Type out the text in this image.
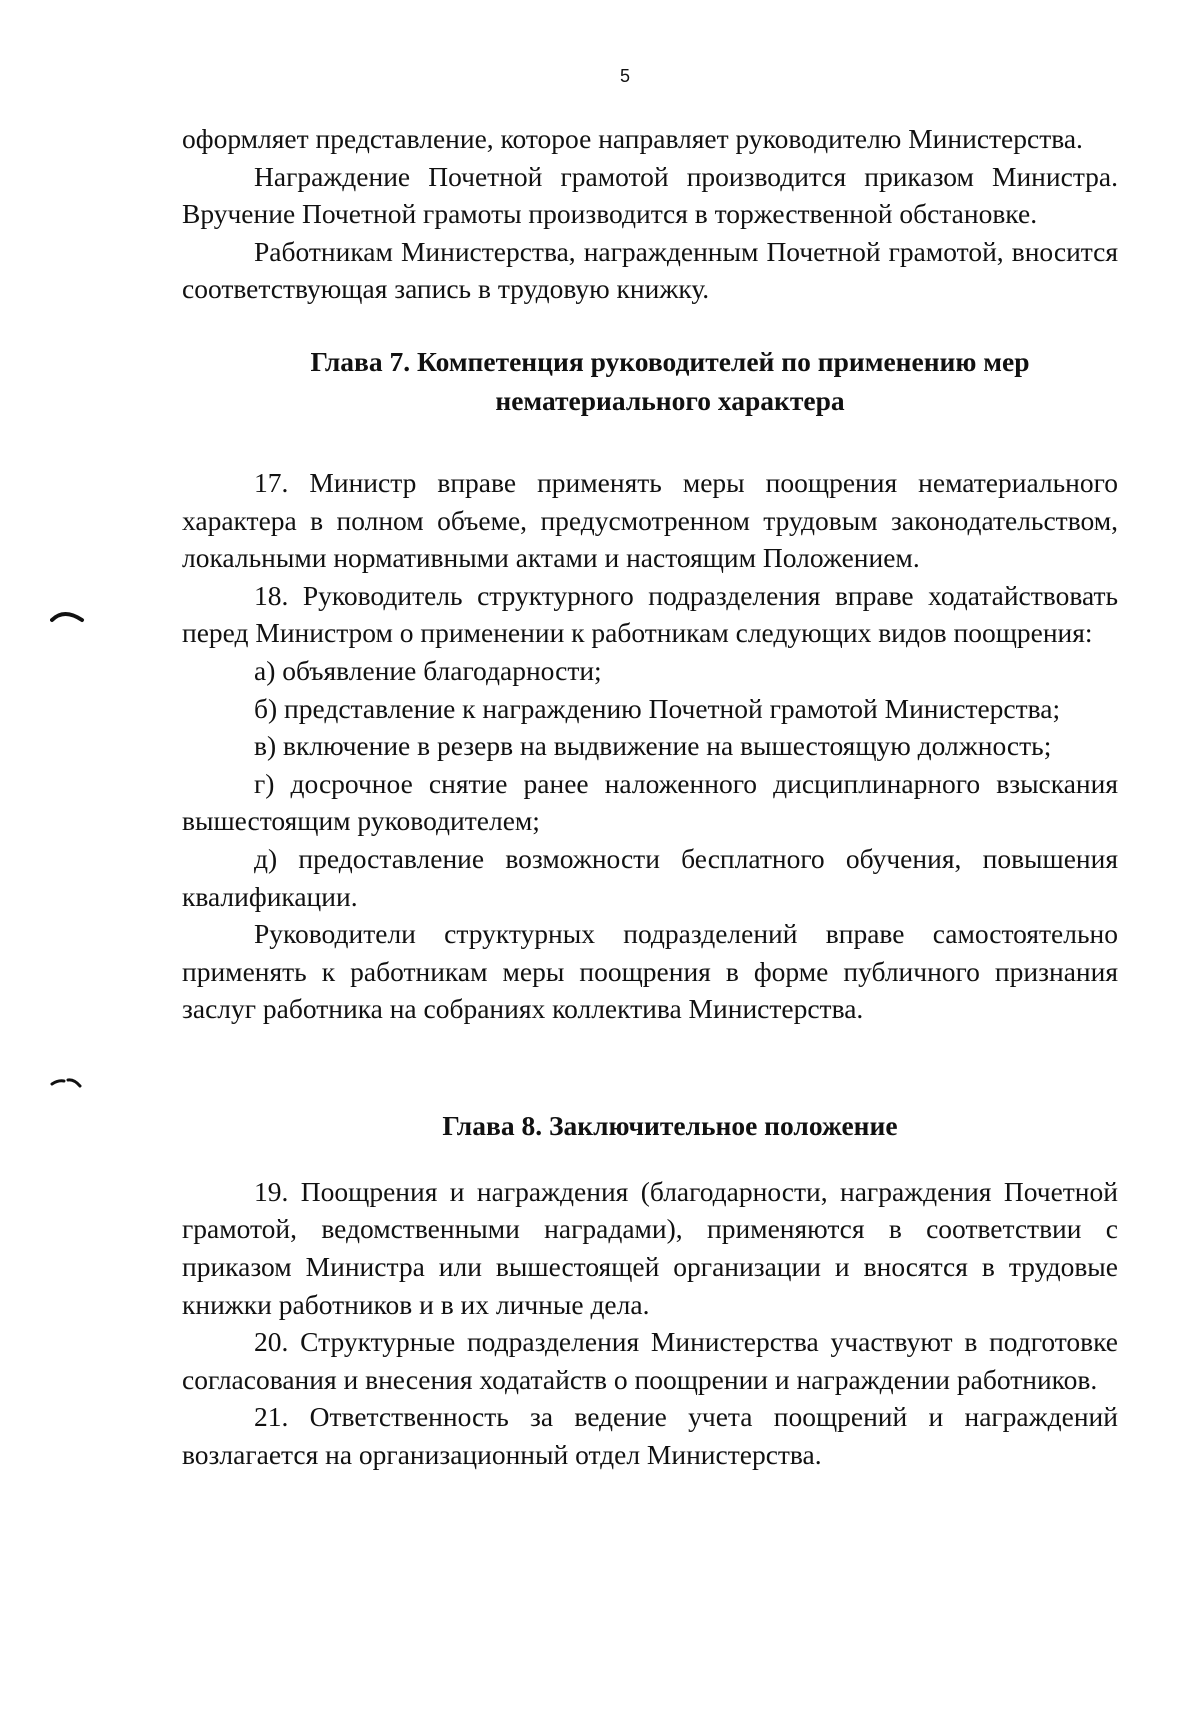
5

оформляет представление, которое направляет руководителю Министерства.

Награждение Почетной грамотой производится приказом Министра. Вручение Почетной грамоты производится в торжественной обстановке.

Работникам Министерства, награжденным Почетной грамотой, вносится соответствующая запись в трудовую книжку.

Глава 7. Компетенция руководителей по применению мер
нематериального характера

17. Министр вправе применять меры поощрения нематериального характера в полном объеме, предусмотренном трудовым законодательством, локальными нормативными актами и настоящим Положением.

18. Руководитель структурного подразделения вправе ходатайствовать перед Министром о применении к работникам следующих видов поощрения:

а) объявление благодарности;

б) представление к награждению Почетной грамотой Министерства;

в) включение в резерв на выдвижение на вышестоящую должность;

г) досрочное снятие ранее наложенного дисциплинарного взыскания вышестоящим руководителем;

д) предоставление возможности бесплатного обучения, повышения квалификации.

Руководители структурных подразделений вправе самостоятельно применять к работникам меры поощрения в форме публичного признания заслуг работника на собраниях коллектива Министерства.

Глава 8. Заключительное положение

19. Поощрения и награждения (благодарности, награждения Почетной грамотой, ведомственными наградами), применяются в соответствии с приказом Министра или вышестоящей организации и вносятся в трудовые книжки работников и в их личные дела.

20. Структурные подразделения Министерства участвуют в подготовке согласования и внесения ходатайств о поощрении и награждении работников.

21. Ответственность за ведение учета поощрений и награждений возлагается на организационный отдел Министерства.
